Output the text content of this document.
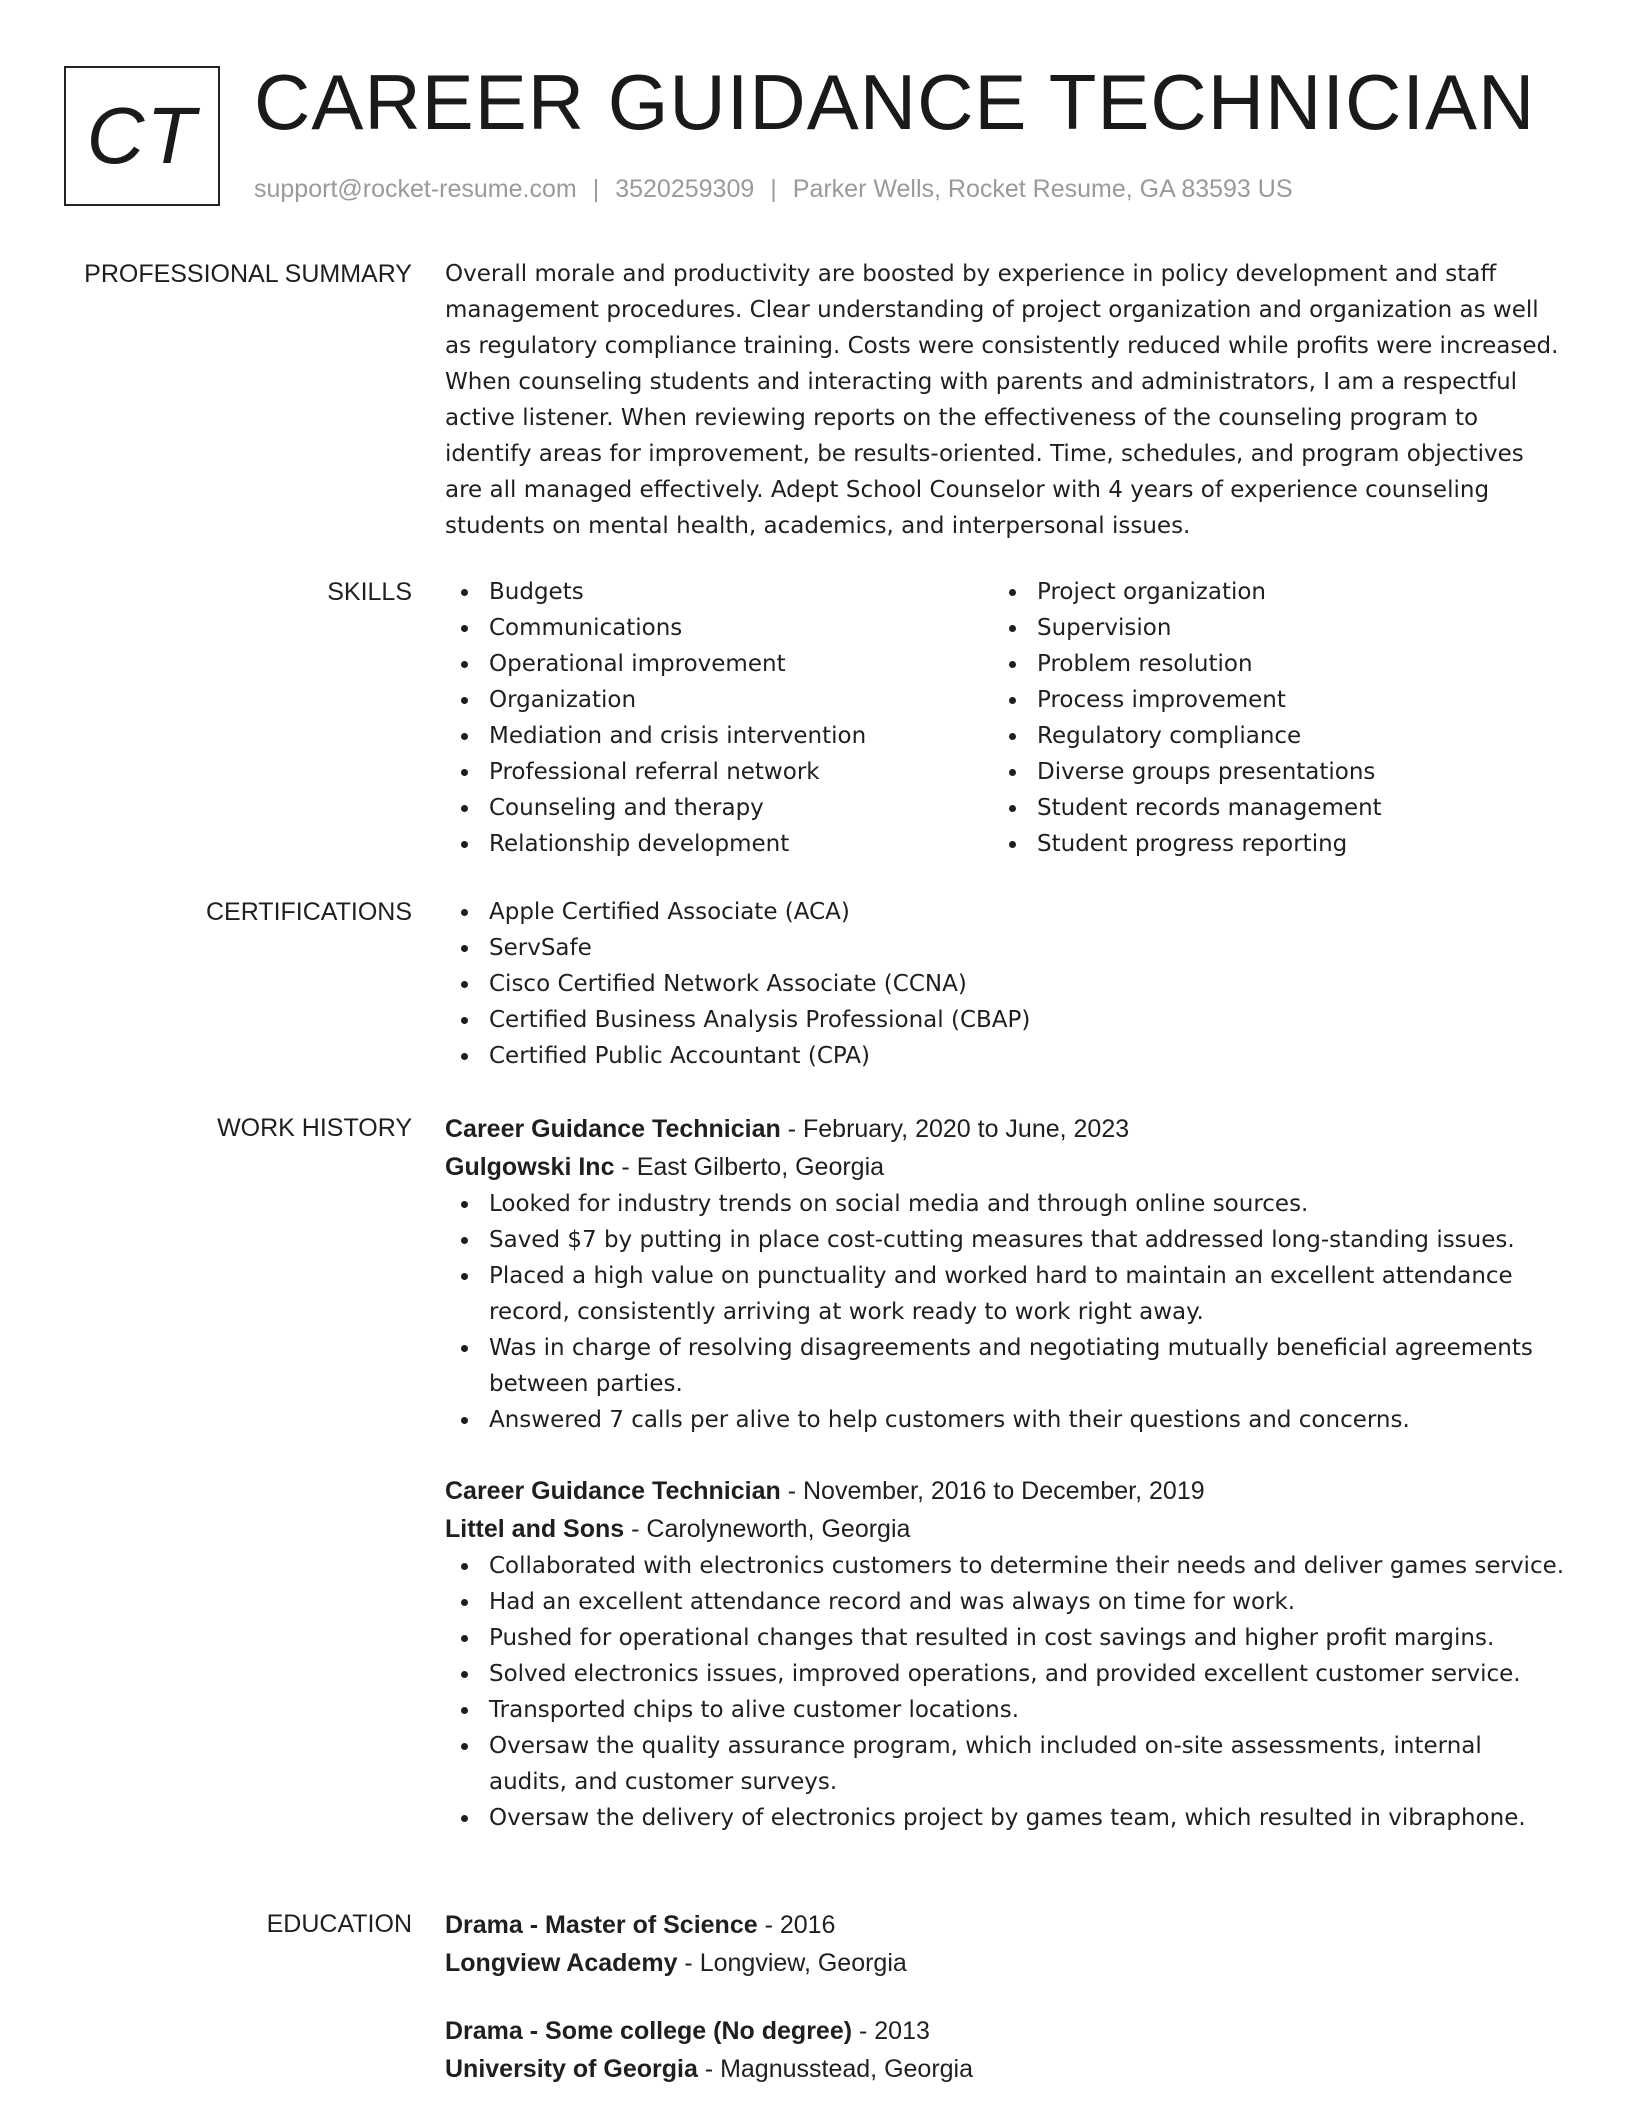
CT CAREER GUIDANCE TECHNICIAN
support@rocket-resume.com | 3520259309 | Parker Wells, Rocket Resume, GA 83593 US
PROFESSIONAL SUMMARY Overall morale and productivity are boosted by experience in policy development and staff management procedures. Clear understanding of project organization and organization as well as regulatory compliance training. Costs were consistently reduced while profits were increased. When counseling students and interacting with parents and administrators, I am a respectful active listener. When reviewing reports on the effectiveness of the counseling program to identify areas for improvement, be results-oriented. Time, schedules, and program objectives are all managed effectively. Adept School Counselor with 4 years of experience counseling students on mental health, academics, and interpersonal issues.

SKILLS	Budgets
Communications
Operational improvement
Organization
Mediation and crisis intervention
Professional referral network
Counseling and therapy
Relationship development
Project organization
Supervision
Problem resolution
Process improvement
Regulatory compliance
Diverse groups presentations
Student records management
Student progress reporting
CERTIFICATIONS	Apple Certified Associate (ACA)
ServSafe
Cisco Certified Network Associate (CCNA)
Certified Business Analysis Professional (CBAP)
Certified Public Accountant (CPA)
WORK HISTORY Career Guidance Technician - February, 2020 to June, 2023
Gulgowski Inc - East Gilberto, Georgia
Looked for industry trends on social media and through online sources.
Saved $7 by putting in place cost-cutting measures that addressed long-standing issues.
Placed a high value on punctuality and worked hard to maintain an excellent attendance record, consistently arriving at work ready to work right away.
Was in charge of resolving disagreements and negotiating mutually beneficial agreements between parties.
Answered 7 calls per alive to help customers with their questions and concerns.
Career Guidance Technician - November, 2016 to December, 2019
Littel and Sons - Carolyneworth, Georgia
Collaborated with electronics customers to determine their needs and deliver games service.
Had an excellent attendance record and was always on time for work.
Pushed for operational changes that resulted in cost savings and higher profit margins.
Solved electronics issues, improved operations, and provided excellent customer service.
Transported chips to alive customer locations.
Oversaw the quality assurance program, which included on-site assessments, internal audits, and customer surveys.
Oversaw the delivery of electronics project by games team, which resulted in vibraphone.
EDUCATION Drama - Master of Science - 2016
Longview Academy - Longview, Georgia
Drama - Some college (No degree) - 2013
University of Georgia - Magnusstead, Georgia
